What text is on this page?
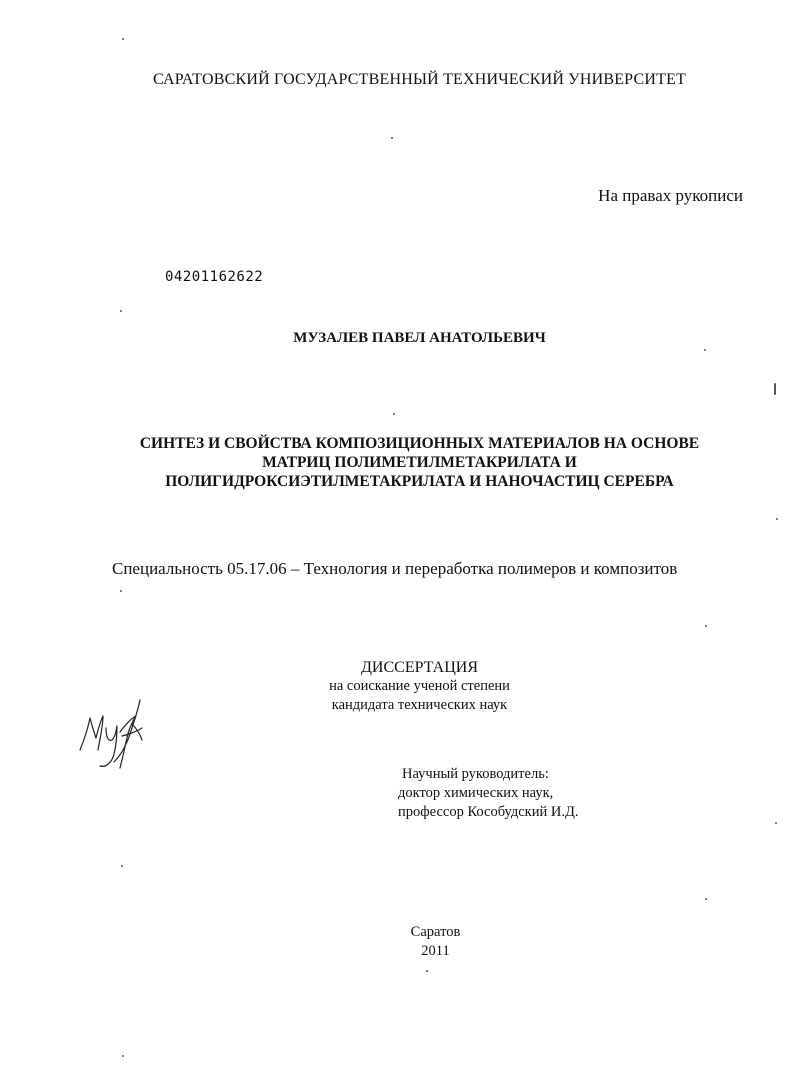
САРАТОВСКИЙ ГОСУДАРСТВЕННЫЙ ТЕХНИЧЕСКИЙ УНИВЕРСИТЕТ
На правах рукописи
04201162622
МУЗАЛЕВ ПАВЕЛ АНАТОЛЬЕВИЧ
СИНТЕЗ И СВОЙСТВА КОМПОЗИЦИОННЫХ МАТЕРИАЛОВ НА ОСНОВЕ
МАТРИЦ ПОЛИМЕТИЛМЕТАКРИЛАТА И
ПОЛИГИДРОКСИЭТИЛМЕТАКРИЛАТА И НАНОЧАСТИЦ СЕРЕБРА
Специальность 05.17.06 – Технология и переработка полимеров и композитов
ДИССЕРТАЦИЯ
на соискание ученой степени
кандидата технических наук
Научный руководитель:
доктор химических наук,
профессор Кособудский И.Д.
Саратов
2011
